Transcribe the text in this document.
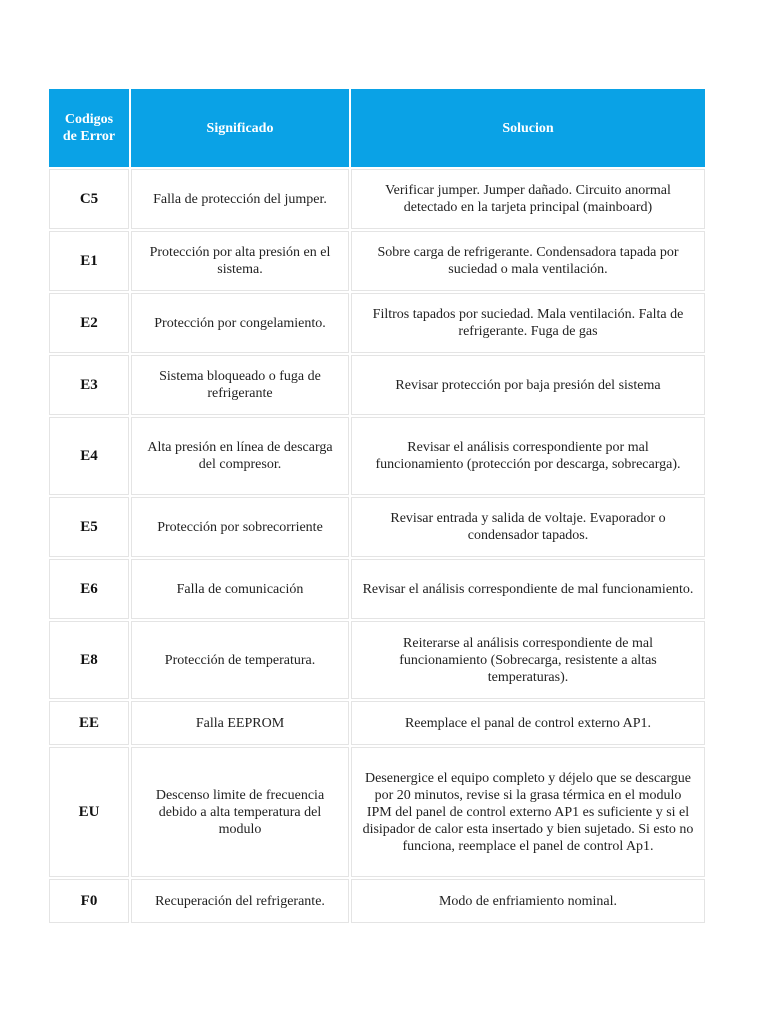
Codigos de Error	Significado	Solucion
C5	Falla de protección del jumper.	Verificar jumper. Jumper dañado. Circuito anormal detectado en la tarjeta principal (mainboard)
E1	Protección por alta presión en el sistema.	Sobre carga de refrigerante. Condensadora tapada por suciedad o mala ventilación.
E2	Protección por congelamiento.	Filtros tapados por suciedad. Mala ventilación. Falta de refrigerante. Fuga de gas
E3	Sistema bloqueado o fuga de refrigerante	Revisar protección por baja presión del sistema
E4	Alta presión en línea de descarga del compresor.	Revisar el análisis correspondiente por mal funcionamiento (protección por descarga, sobrecarga).
E5	Protección por sobrecorriente	Revisar entrada y salida de voltaje. Evaporador o condensador tapados.
E6	Falla de comunicación	Revisar el análisis correspondiente de mal funcionamiento.
E8	Protección de temperatura.	Reiterarse al análisis correspondiente de mal funcionamiento (Sobrecarga, resistente a altas temperaturas).
EE	Falla EEPROM	Reemplace el panal de control externo AP1.
EU	Descenso limite de frecuencia debido a alta temperatura del modulo	Desenergice el equipo completo y déjelo que se descargue por 20 minutos, revise si la grasa térmica en el modulo IPM del panel de control externo AP1 es suficiente y si el disipador de calor esta insertado y bien sujetado. Si esto no funciona, reemplace el panel de control Ap1.
F0	Recuperación del refrigerante.	Modo de enfriamiento nominal.
